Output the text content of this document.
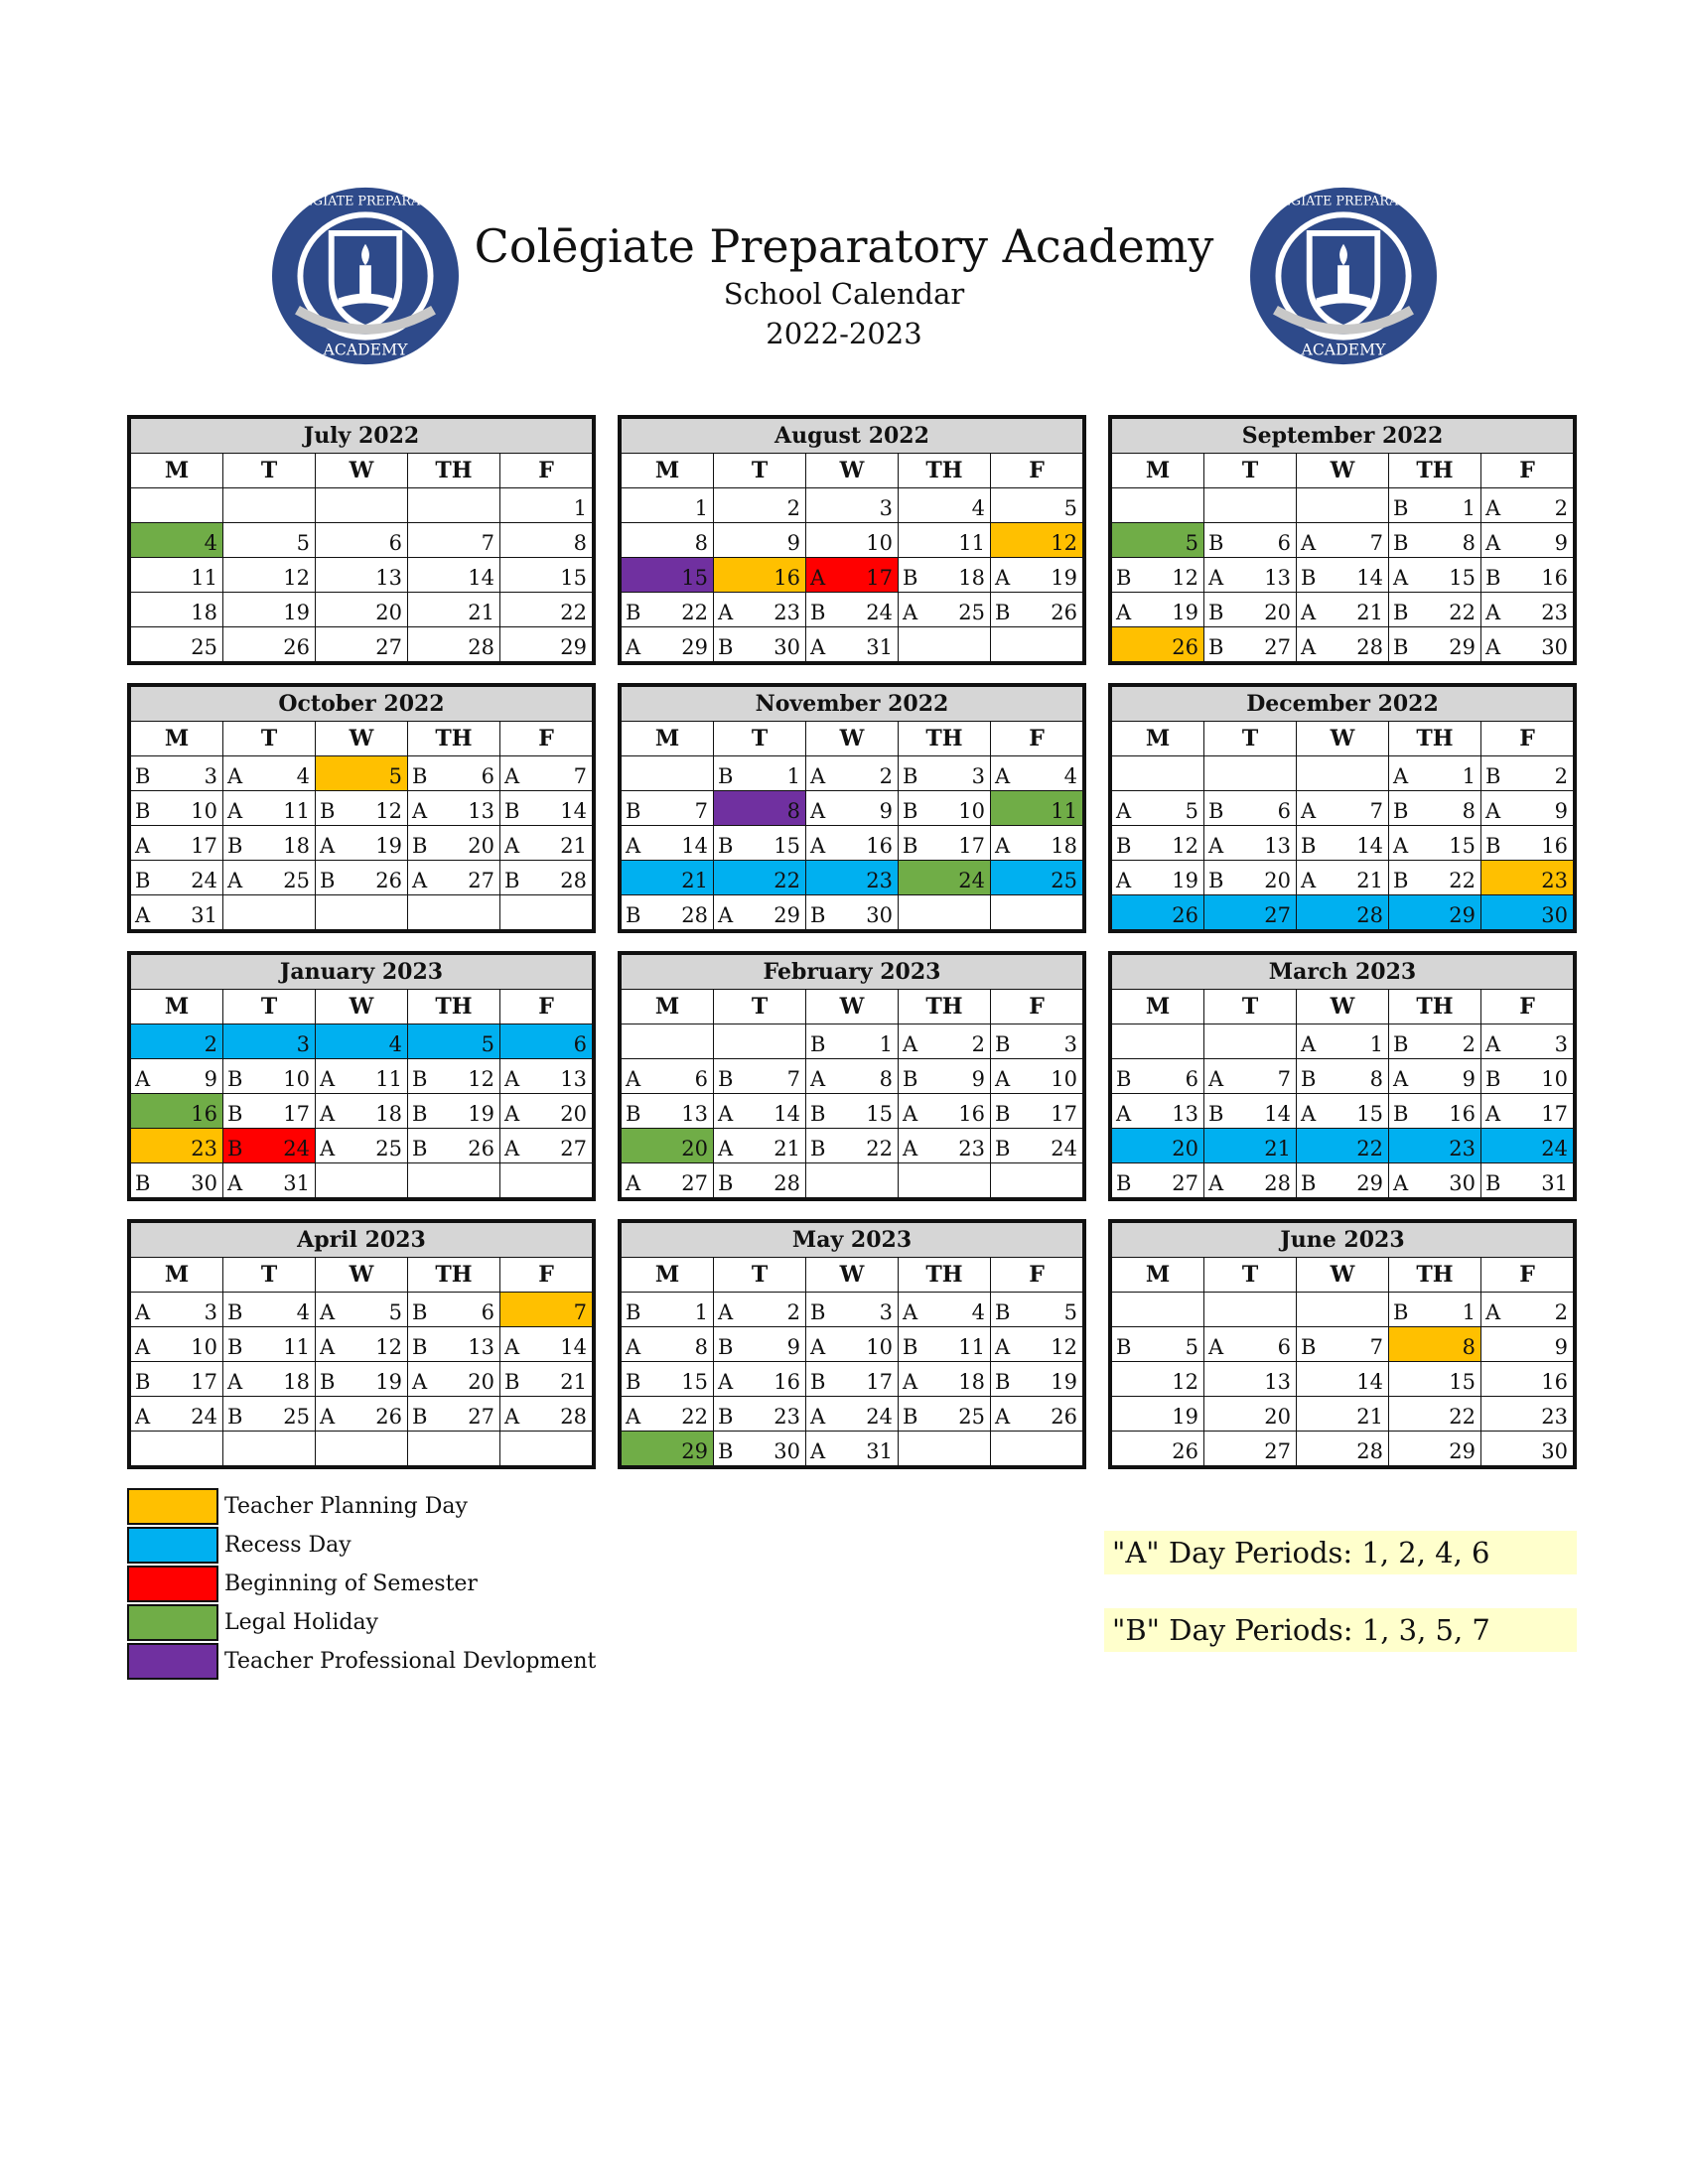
ACADEMY
COLĒGIATE PREPARATORY
Colēgiate Preparatory Academy
School Calendar
2022-2023	ACADEMY
COLĒGIATE PREPARATORY
July 2022				
M	T	W	TH	F

				1

4	5	6	7	8

11	12	13	14	15

18	19	20	21	22

25	26	27	28	29
August 2022				
M	T	W	TH	F

1	2	3	4	5

8	9	10	11	12

15	16	A 17	B 18	A 19

B 22	A 23	B 24	A 25	B 26

A 29	B 30	A 31		

September 2022				
M	T	W	TH	F

			B 1	A 2

5	B 6	A 7	B 8	A 9

B 12	A 13	B 14	A 15	B 16

A 19	B 20	A 21	B 22	A 23

26	B 27	A 28	B 29	A 30
October 2022				
M	T	W	TH	F

B 3	A 4	5	B 6	A 7

B 10	A 11	B 12	A 13	B 14

A 17	B 18	A 19	B 20	A 21

B 24	A 25	B 26	A 27	B 28

A 31				

November 2022				
M	T	W	TH	F

	B 1	A 2	B 3	A 4

B 7	8	A 9	B 10	11

A 14	B 15	A 16	B 17	A 18

21	22	23	24	25

B 28	A 29	B 30		

December 2022				
M	T	W	TH	F

			A 1	B 2

A 5	B 6	A 7	B 8	A 9

B 12	A 13	B 14	A 15	B 16

A 19	B 20	A 21	B 22	23

26	27	28	29	30
January 2023				
M	T	W	TH	F

2	3	4	5	6

A 9	B 10	A 11	B 12	A 13

16	B 17	A 18	B 19	A 20

23	B 24	A 25	B 26	A 27

B 30	A 31			

February 2023				
M	T	W	TH	F

		B 1	A 2	B 3

A 6	B 7	A 8	B 9	A 10

B 13	A 14	B 15	A 16	B 17

20	A 21	B 22	A 23	B 24

A 27	B 28			

March 2023				
M	T	W	TH	F

		A 1	B 2	A 3

B 6	A 7	B 8	A 9	B 10

A 13	B 14	A 15	B 16	A 17

20	21	22	23	24

B 27	A 28	B 29	A 30	B 31
April 2023				
M	T	W	TH	F

A 3	B 4	A 5	B 6	7

A 10	B 11	A 12	B 13	A 14

B 17	A 18	B 19	A 20	B 21

A 24	B 25	A 26	B 27	A 28

May 2023				
M	T	W	TH	F

B 1	A 2	B 3	A 4	B 5

A 8	B 9	A 10	B 11	A 12

B 15	A 16	B 17	A 18	B 19

A 22	B 23	A 24	B 25	A 26

29	B 30	A 31		

June 2023				
M	T	W	TH	F

			B 1	A 2

B 5	A 6	B 7	8	9

12	13	14	15	16

19	20	21	22	23

26	27	28	29	30
Teacher Planning Day
Recess Day
Beginning of Semester
Legal Holiday
Teacher Professional Devlopment
"A" Day Periods: 1, 2, 4, 6
"B" Day Periods: 1, 3, 5, 7
